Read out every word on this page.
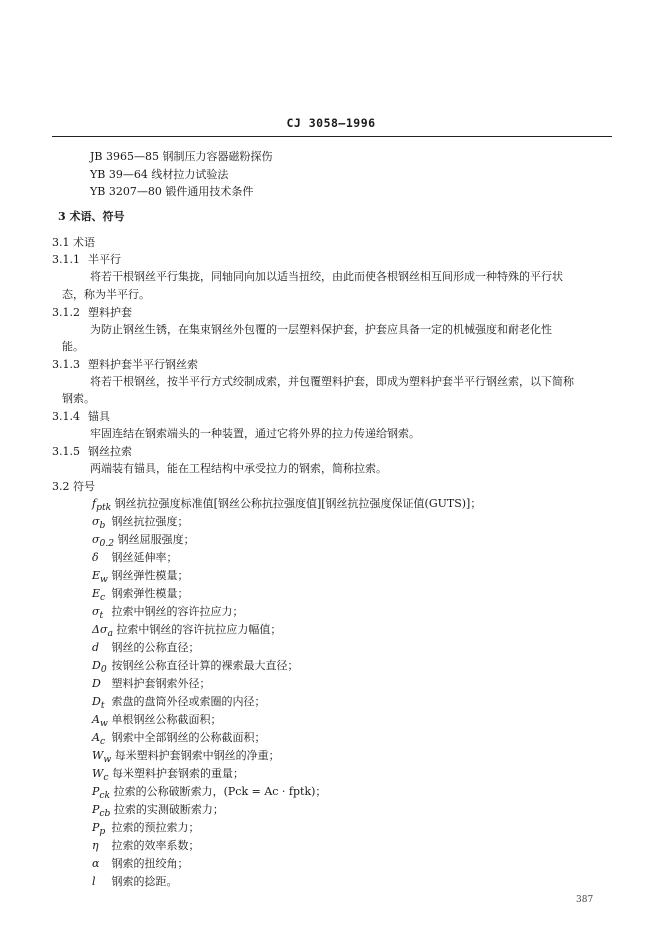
CJ 3058—1996
JB 3965—85 钢制压力容器磁粉探伤
YB 39—64 线材拉力试验法
YB 3207—80 锻件通用技术条件
3 术语、符号
3.1 术语
3.1.1 半平行
将若干根钢丝平行集拢，同轴同向加以适当扭绞，由此而使各根钢丝相互间形成一种特殊的平行状
态，称为半平行。
3.1.2 塑料护套
为防止钢丝生锈，在集束钢丝外包覆的一层塑料保护套，护套应具备一定的机械强度和耐老化性
能。
3.1.3 塑料护套半平行钢丝索
将若干根钢丝，按半平行方式绞制成索，并包覆塑料护套，即成为塑料护套半平行钢丝索，以下简称
钢索。
3.1.4 锚具
牢固连结在钢索端头的一种装置，通过它将外界的拉力传递给钢索。
3.1.5 钢丝拉索
两端装有锚具，能在工程结构中承受拉力的钢索，简称拉索。
3.2 符号
$f_{ptk}$ 钢丝抗拉强度标准值[钢丝公称抗拉强度值][钢丝抗拉强度保证值(GUTS)]；
$\sigma_b$ 钢丝抗拉强度；
$\sigma_{0.2}$ 钢丝屈服强度；
δ 钢丝延伸率；
$E_w$ 钢丝弹性模量；
$E_c$ 钢索弹性模量；
$\sigma_t$ 拉索中钢丝的容许拉应力；
$\Delta\sigma_a$ 拉索中钢丝的容许抗拉应力幅值；
d 钢丝的公称直径；
$D_0$ 按钢丝公称直径计算的裸索最大直径；
D 塑料护套钢索外径；
$D_t$ 索盘的盘筒外径或索圈的内径；
$A_w$ 单根钢丝公称截面积；
$A_c$ 钢索中全部钢丝的公称截面积；
$W_w$ 每米塑料护套钢索中钢丝的净重；
$W_c$ 每米塑料护套钢索的重量；
$P_{ck}$ 拉索的公称破断索力，(Pck = Ac · fptk)；
$P_{cb}$ 拉索的实测破断索力；
$P_p$ 拉索的预拉索力；
η 拉索的效率系数；
α 钢索的扭绞角；
l 钢索的捻距。
387
